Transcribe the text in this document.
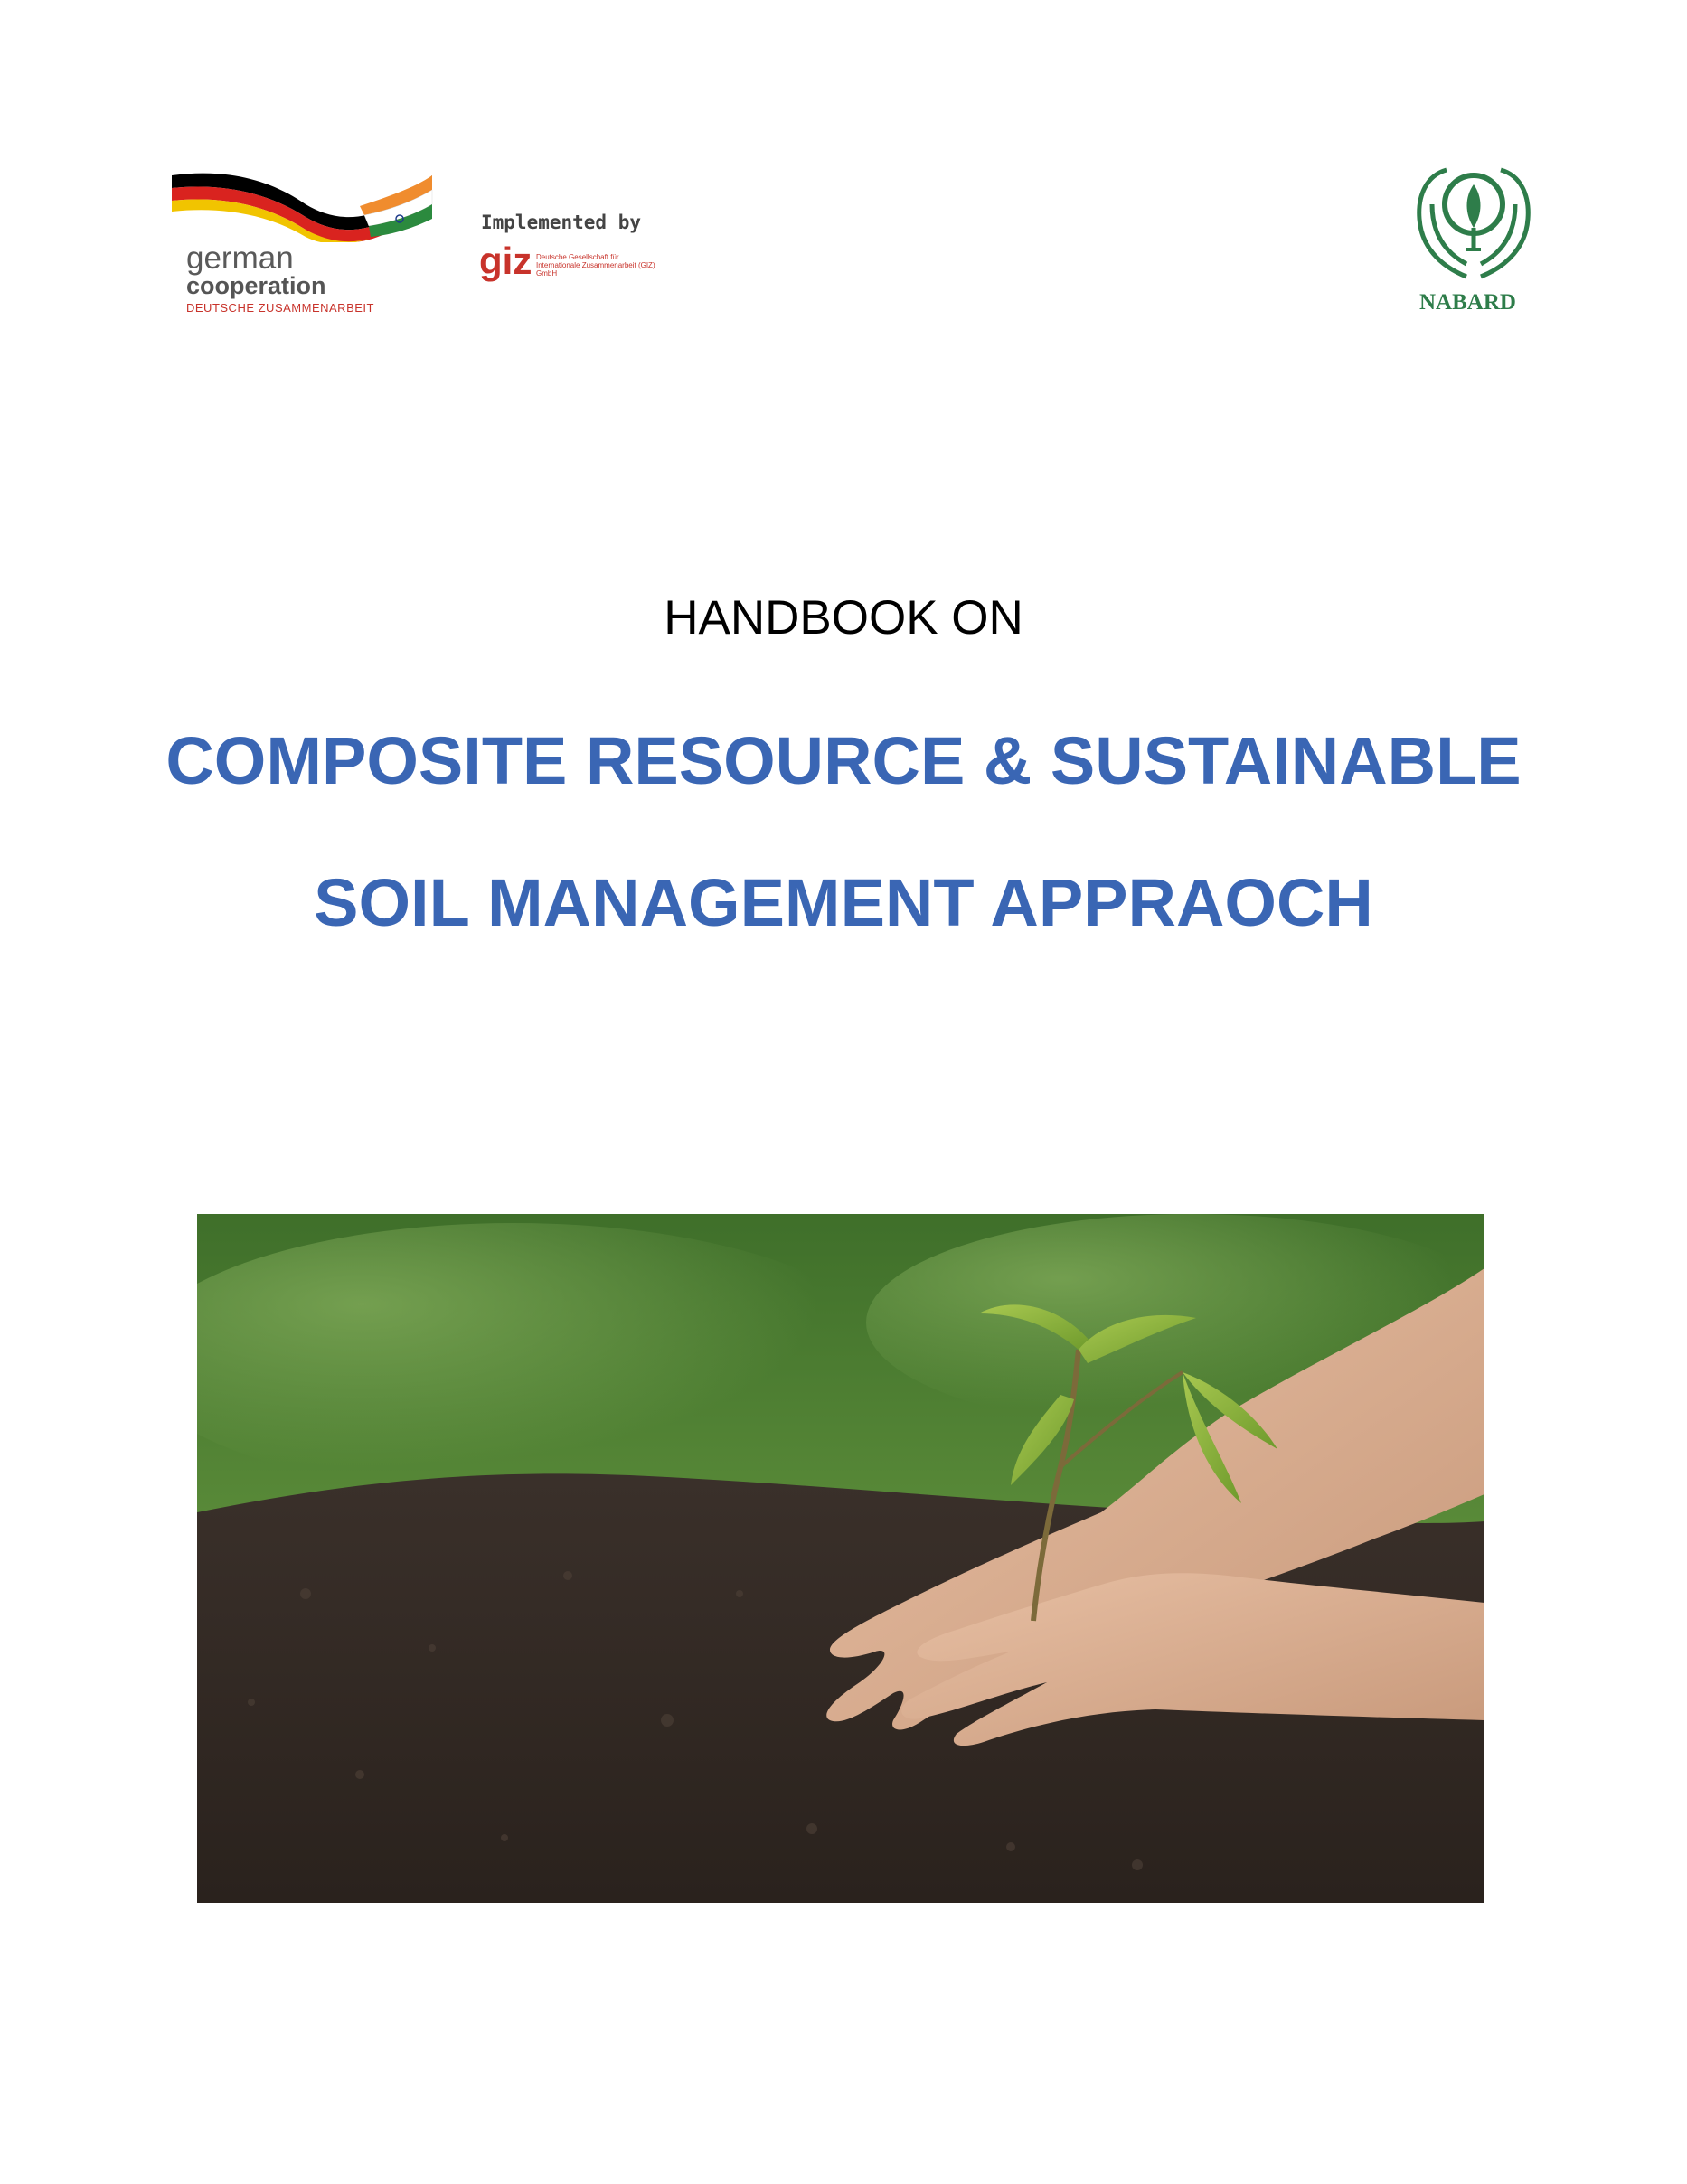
german
cooperation
DEUTSCHE ZUSAMMENARBEIT
Implemented by
giz Deutsche Gesellschaft für Internationale Zusammenarbeit (GIZ) GmbH
NABARD
HANDBOOK ON
COMPOSITE RESOURCE & SUSTAINABLE
SOIL MANAGEMENT APPRAOCH
